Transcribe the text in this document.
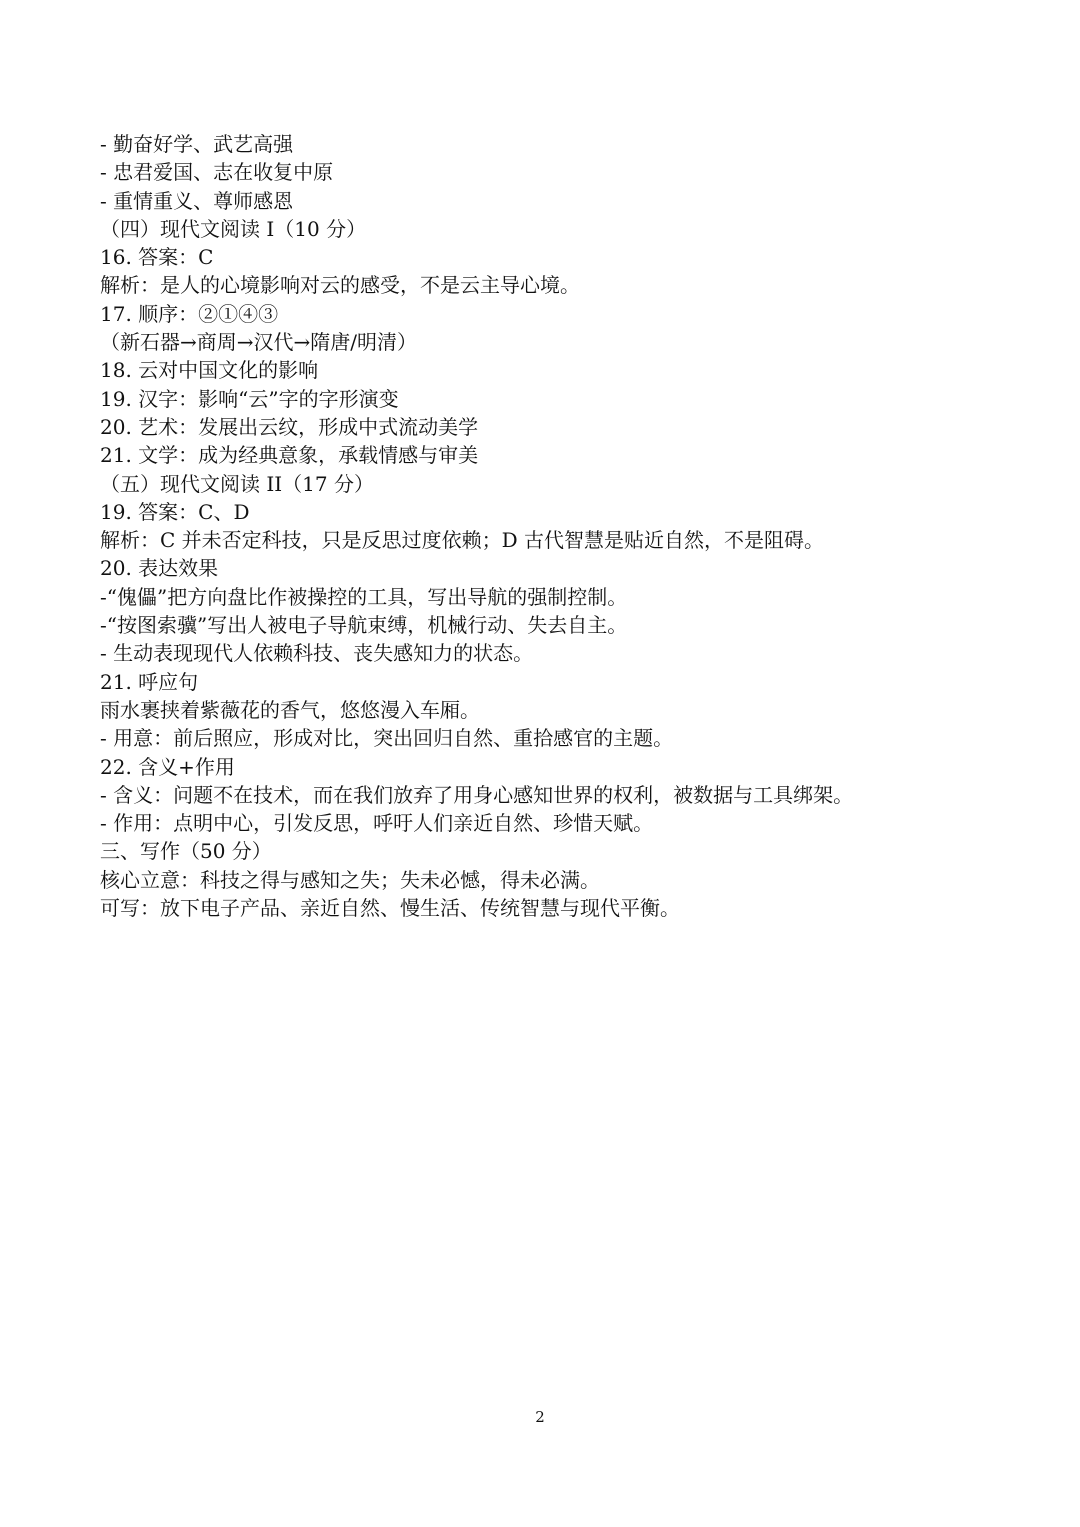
- 勤奋好学、武艺高强
- 忠君爱国、志在收复中原
- 重情重义、尊师感恩
（四）现代文阅读 I（10 分）
16. 答案：C
解析：是人的心境影响对云的感受，不是云主导心境。
17. 顺序：②①④③
（新石器→商周→汉代→隋唐/明清）
18. 云对中国文化的影响
19. 汉字：影响“云”字的字形演变
20. 艺术：发展出云纹，形成中式流动美学
21. 文学：成为经典意象，承载情感与审美
（五）现代文阅读 II（17 分）
19. 答案：C、D
解析：C 并未否定科技，只是反思过度依赖；D 古代智慧是贴近自然，不是阻碍。
20. 表达效果
-“傀儡”把方向盘比作被操控的工具，写出导航的强制控制。
-“按图索骥”写出人被电子导航束缚，机械行动、失去自主。
- 生动表现现代人依赖科技、丧失感知力的状态。
21. 呼应句
雨水裹挟着紫薇花的香气，悠悠漫入车厢。
- 用意：前后照应，形成对比，突出回归自然、重拾感官的主题。
22. 含义+作用
- 含义：问题不在技术，而在我们放弃了用身心感知世界的权利，被数据与工具绑架。
- 作用：点明中心，引发反思，呼吁人们亲近自然、珍惜天赋。
三、写作（50 分）
核心立意：科技之得与感知之失；失未必憾，得未必满。
可写：放下电子产品、亲近自然、慢生活、传统智慧与现代平衡。
2
